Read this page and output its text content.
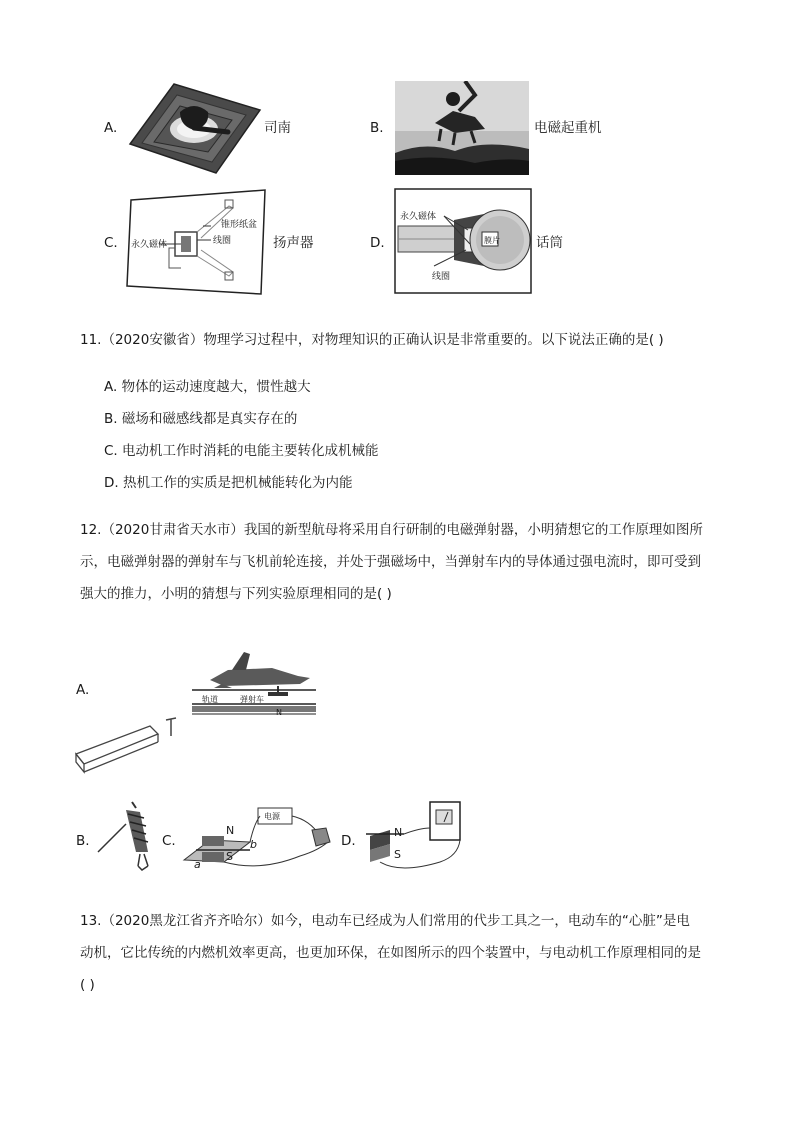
A.	司南	B.	电磁起重机
C.
锥形纸盆
线圈
永久磁体	扬声器	D.
永久磁体
膜片
线圈
话筒
11.（2020安徽省）物理学习过程中，对物理知识的正确认识是非常重要的。以下说法正确的是( )
A. 物体的运动速度越大，惯性越大
B. 磁场和磁感线都是真实存在的
C. 电动机工作时消耗的电能主要转化成机械能
D. 热机工作的实质是把机械能转化为内能
12.（2020甘肃省天水市）我国的新型航母将采用自行研制的电磁弹射器，小明猜想它的工作原理如图所
示，电磁弹射器的弹射车与飞机前轮连接，并处于强磁场中，当弹射车内的导体通过强电流时，即可受到
强大的推力，小明的猜想与下列实验原理相同的是( )
轨道	弹射车
N
A.
B.	C.
N
S
a
b
电源
D.
N
S
13.（2020黑龙江省齐齐哈尔）如今，电动车已经成为人们常用的代步工具之一，电动车的“心脏”是电
动机，它比传统的内燃机效率更高，也更加环保，在如图所示的四个装置中，与电动机工作原理相同的是
( )
